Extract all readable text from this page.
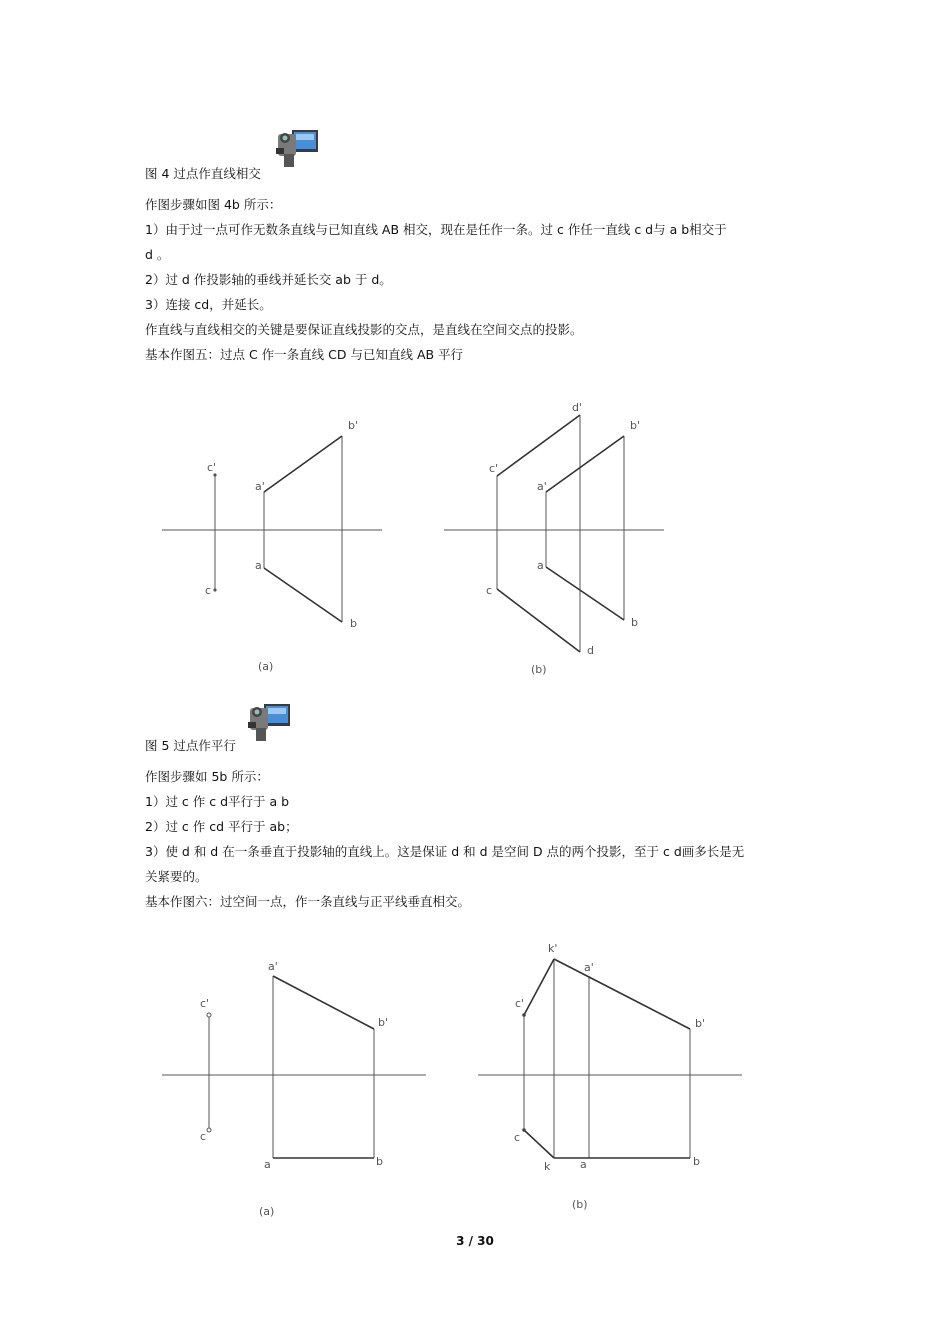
图 4 过点作直线相交
作图步骤如图 4b 所示：
1）由于过一点可作无数条直线与已知直线 AB 相交，现在是任作一条。过 c 作任一直线 c d与 a b相交于
d 。
2）过 d 作投影轴的垂线并延长交 ab 于 d。
3）连接 cd，并延长。
作直线与直线相交的关键是要保证直线投影的交点，是直线在空间交点的投影。
基本作图五：过点 C 作一条直线 CD 与已知直线 AB 平行
c'
a'
b'
a
b
c
(a)
d'
c'
a'
b'
a
b
c
d
(b)
图 5 过点作平行
作图步骤如 5b 所示：
1）过 c 作 c d平行于 a b
2）过 c 作 cd 平行于 ab；
3）使 d 和 d 在一条垂直于投影轴的直线上。这是保证 d 和 d 是空间 D 点的两个投影，至于 c d画多长是无
关紧要的。
基本作图六：过空间一点，作一条直线与正平线垂直相交。
a'
c'
b'
c
a	b
(a)
k'
a'
c'
b'
c
k	a	b
(b)
3 / 30
